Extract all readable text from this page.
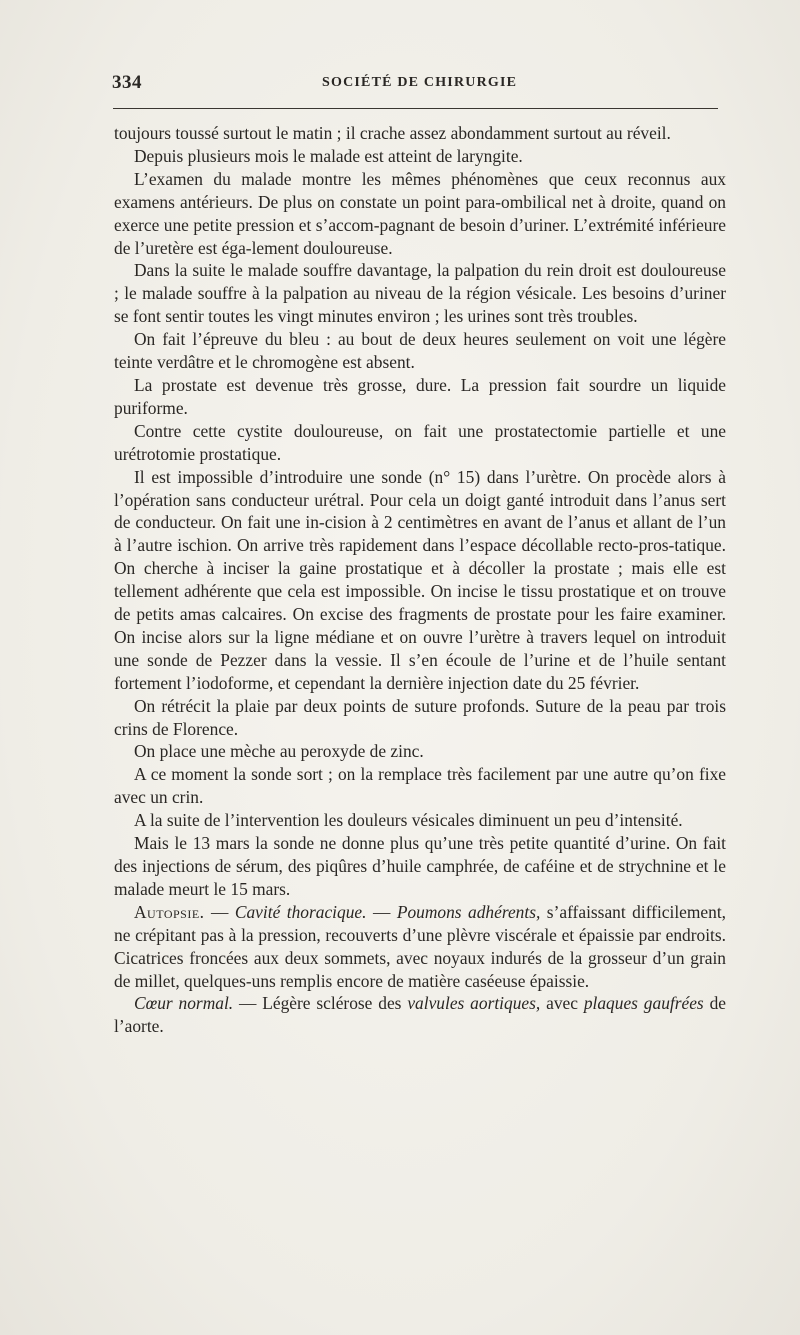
334	SOCIÉTÉ DE CHIRURGIE

toujours toussé surtout le matin ; il crache assez abondamment surtout au réveil.

Depuis plusieurs mois le malade est atteint de laryngite.

L’examen du malade montre les mêmes phénomènes que ceux reconnus aux examens antérieurs. De plus on constate un point para-ombilical net à droite, quand on exerce une petite pression et s’accom-pagnant de besoin d’uriner. L’extrémité inférieure de l’uretère est éga-lement douloureuse.

Dans la suite le malade souffre davantage, la palpation du rein droit est douloureuse ; le malade souffre à la palpation au niveau de la région vésicale. Les besoins d’uriner se font sentir toutes les vingt minutes environ ; les urines sont très troubles.

On fait l’épreuve du bleu : au bout de deux heures seulement on voit une légère teinte verdâtre et le chromogène est absent.

La prostate est devenue très grosse, dure. La pression fait sourdre un liquide puriforme.

Contre cette cystite douloureuse, on fait une prostatectomie partielle et une urétrotomie prostatique.

Il est impossible d’introduire une sonde (n° 15) dans l’urètre. On procède alors à l’opération sans conducteur urétral. Pour cela un doigt ganté introduit dans l’anus sert de conducteur. On fait une in-cision à 2 centimètres en avant de l’anus et allant de l’un à l’autre ischion. On arrive très rapidement dans l’espace décollable recto-pros-tatique. On cherche à inciser la gaine prostatique et à décoller la prostate ; mais elle est tellement adhérente que cela est impossible. On incise le tissu prostatique et on trouve de petits amas calcaires. On excise des fragments de prostate pour les faire examiner. On incise alors sur la ligne médiane et on ouvre l’urètre à travers lequel on introduit une sonde de Pezzer dans la vessie. Il s’en écoule de l’urine et de l’huile sentant fortement l’iodoforme, et cependant la dernière injection date du 25 février.

On rétrécit la plaie par deux points de suture profonds. Suture de la peau par trois crins de Florence.

On place une mèche au peroxyde de zinc.

A ce moment la sonde sort ; on la remplace très facilement par une autre qu’on fixe avec un crin.

A la suite de l’intervention les douleurs vésicales diminuent un peu d’intensité.

Mais le 13 mars la sonde ne donne plus qu’une très petite quantité d’urine. On fait des injections de sérum, des piqûres d’huile camphrée, de caféine et de strychnine et le malade meurt le 15 mars.

Autopsie. — Cavité thoracique. — Poumons adhérents, s’affaissant difficilement, ne crépitant pas à la pression, recouverts d’une plèvre viscérale et épaissie par endroits. Cicatrices froncées aux deux sommets, avec noyaux indurés de la grosseur d’un grain de millet, quelques-uns remplis encore de matière caséeuse épaissie.

Cœur normal. — Légère sclérose des valvules aortiques, avec plaques gaufrées de l’aorte.
